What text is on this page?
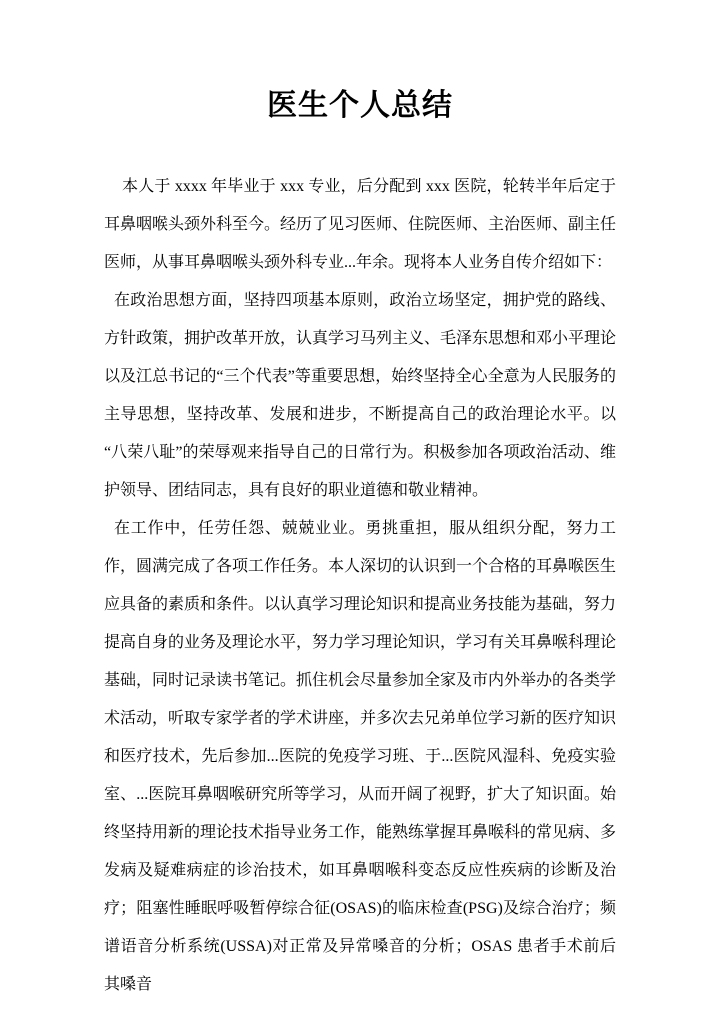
医生个人总结

本人于 xxxx 年毕业于 xxx 专业，后分配到 xxx 医院，轮转半年后定于耳鼻咽喉头颈外科至今。经历了见习医师、住院医师、主治医师、副主任医师，从事耳鼻咽喉头颈外科专业...年余。现将本人业务自传介绍如下：

在政治思想方面，坚持四项基本原则，政治立场坚定，拥护党的路线、方针政策，拥护改革开放，认真学习马列主义、毛泽东思想和邓小平理论以及江总书记的“三个代表”等重要思想，始终坚持全心全意为人民服务的主导思想，坚持改革、发展和进步，不断提高自己的政治理论水平。以“八荣八耻”的荣辱观来指导自己的日常行为。积极参加各项政治活动、维护领导、团结同志，具有良好的职业道德和敬业精神。

在工作中，任劳任怨、兢兢业业。勇挑重担，服从组织分配，努力工作，圆满完成了各项工作任务。本人深切的认识到一个合格的耳鼻喉医生应具备的素质和条件。以认真学习理论知识和提高业务技能为基础，努力提高自身的业务及理论水平，努力学习理论知识，学习有关耳鼻喉科理论基础，同时记录读书笔记。抓住机会尽量参加全家及市内外举办的各类学术活动，听取专家学者的学术讲座，并多次去兄弟单位学习新的医疗知识和医疗技术，先后参加...医院的免疫学习班、于...医院风湿科、免疫实验室、...医院耳鼻咽喉研究所等学习，从而开阔了视野，扩大了知识面。始终坚持用新的理论技术指导业务工作，能熟练掌握耳鼻喉科的常见病、多发病及疑难病症的诊治技术，如耳鼻咽喉科变态反应性疾病的诊断及治疗；阻塞性睡眠呼吸暂停综合征(OSAS)的临床检查(PSG)及综合治疗；频谱语音分析系统(USSA)对正常及异常嗓音的分析；OSAS 患者手术前后其嗓音
